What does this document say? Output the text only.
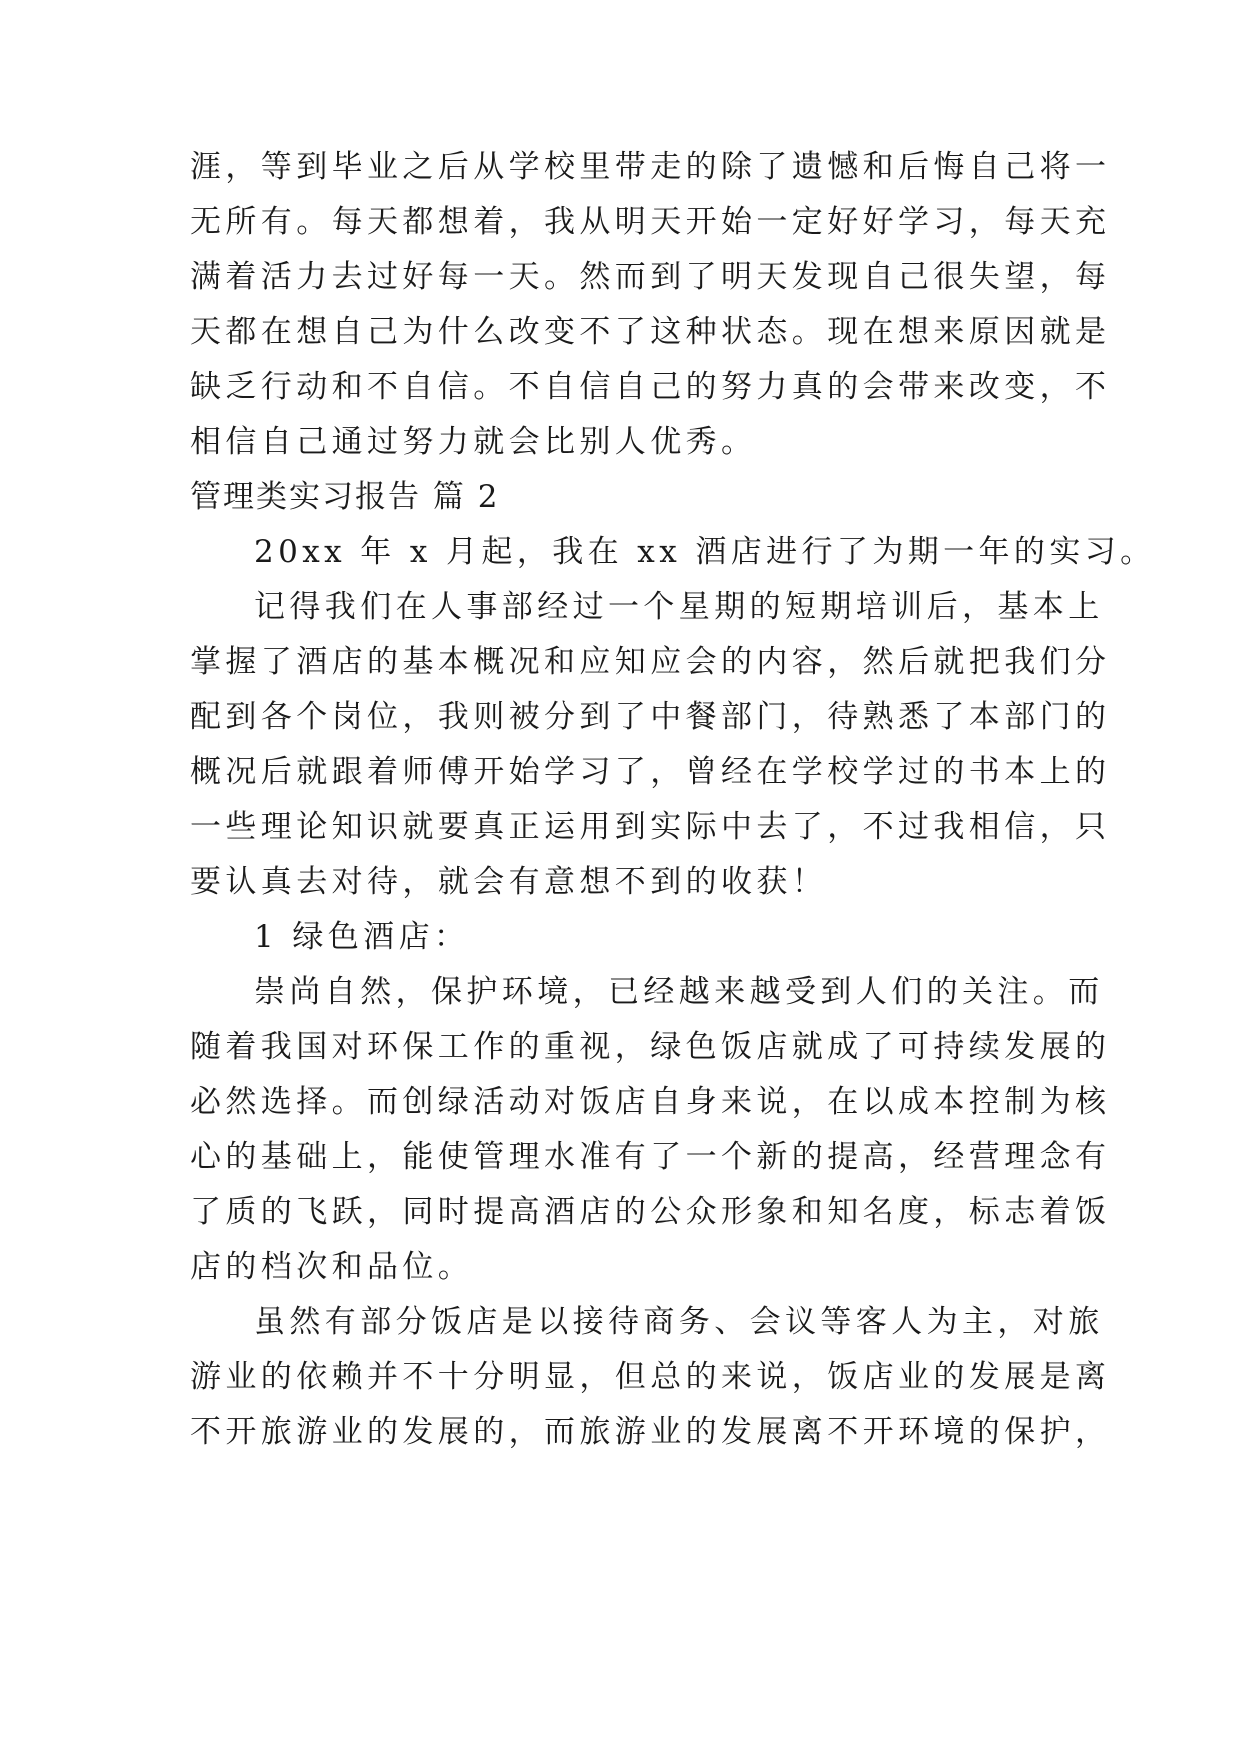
涯，等到毕业之后从学校里带走的除了遗憾和后悔自己将一
无所有。每天都想着，我从明天开始一定好好学习，每天充
满着活力去过好每一天。然而到了明天发现自己很失望，每
天都在想自己为什么改变不了这种状态。现在想来原因就是
缺乏行动和不自信。不自信自己的努力真的会带来改变，不
相信自己通过努力就会比别人优秀。
管理类实习报告 篇 2
20xx 年 x 月起，我在 xx 酒店进行了为期一年的实习。
记得我们在人事部经过一个星期的短期培训后，基本上
掌握了酒店的基本概况和应知应会的内容，然后就把我们分
配到各个岗位，我则被分到了中餐部门，待熟悉了本部门的
概况后就跟着师傅开始学习了，曾经在学校学过的书本上的
一些理论知识就要真正运用到实际中去了，不过我相信，只
要认真去对待，就会有意想不到的收获！
1 绿色酒店：
崇尚自然，保护环境，已经越来越受到人们的关注。而
随着我国对环保工作的重视，绿色饭店就成了可持续发展的
必然选择。而创绿活动对饭店自身来说，在以成本控制为核
心的基础上，能使管理水准有了一个新的提高，经营理念有
了质的飞跃，同时提高酒店的公众形象和知名度，标志着饭
店的档次和品位。
虽然有部分饭店是以接待商务、会议等客人为主，对旅
游业的依赖并不十分明显，但总的来说，饭店业的发展是离
不开旅游业的发展的，而旅游业的发展离不开环境的保护，
